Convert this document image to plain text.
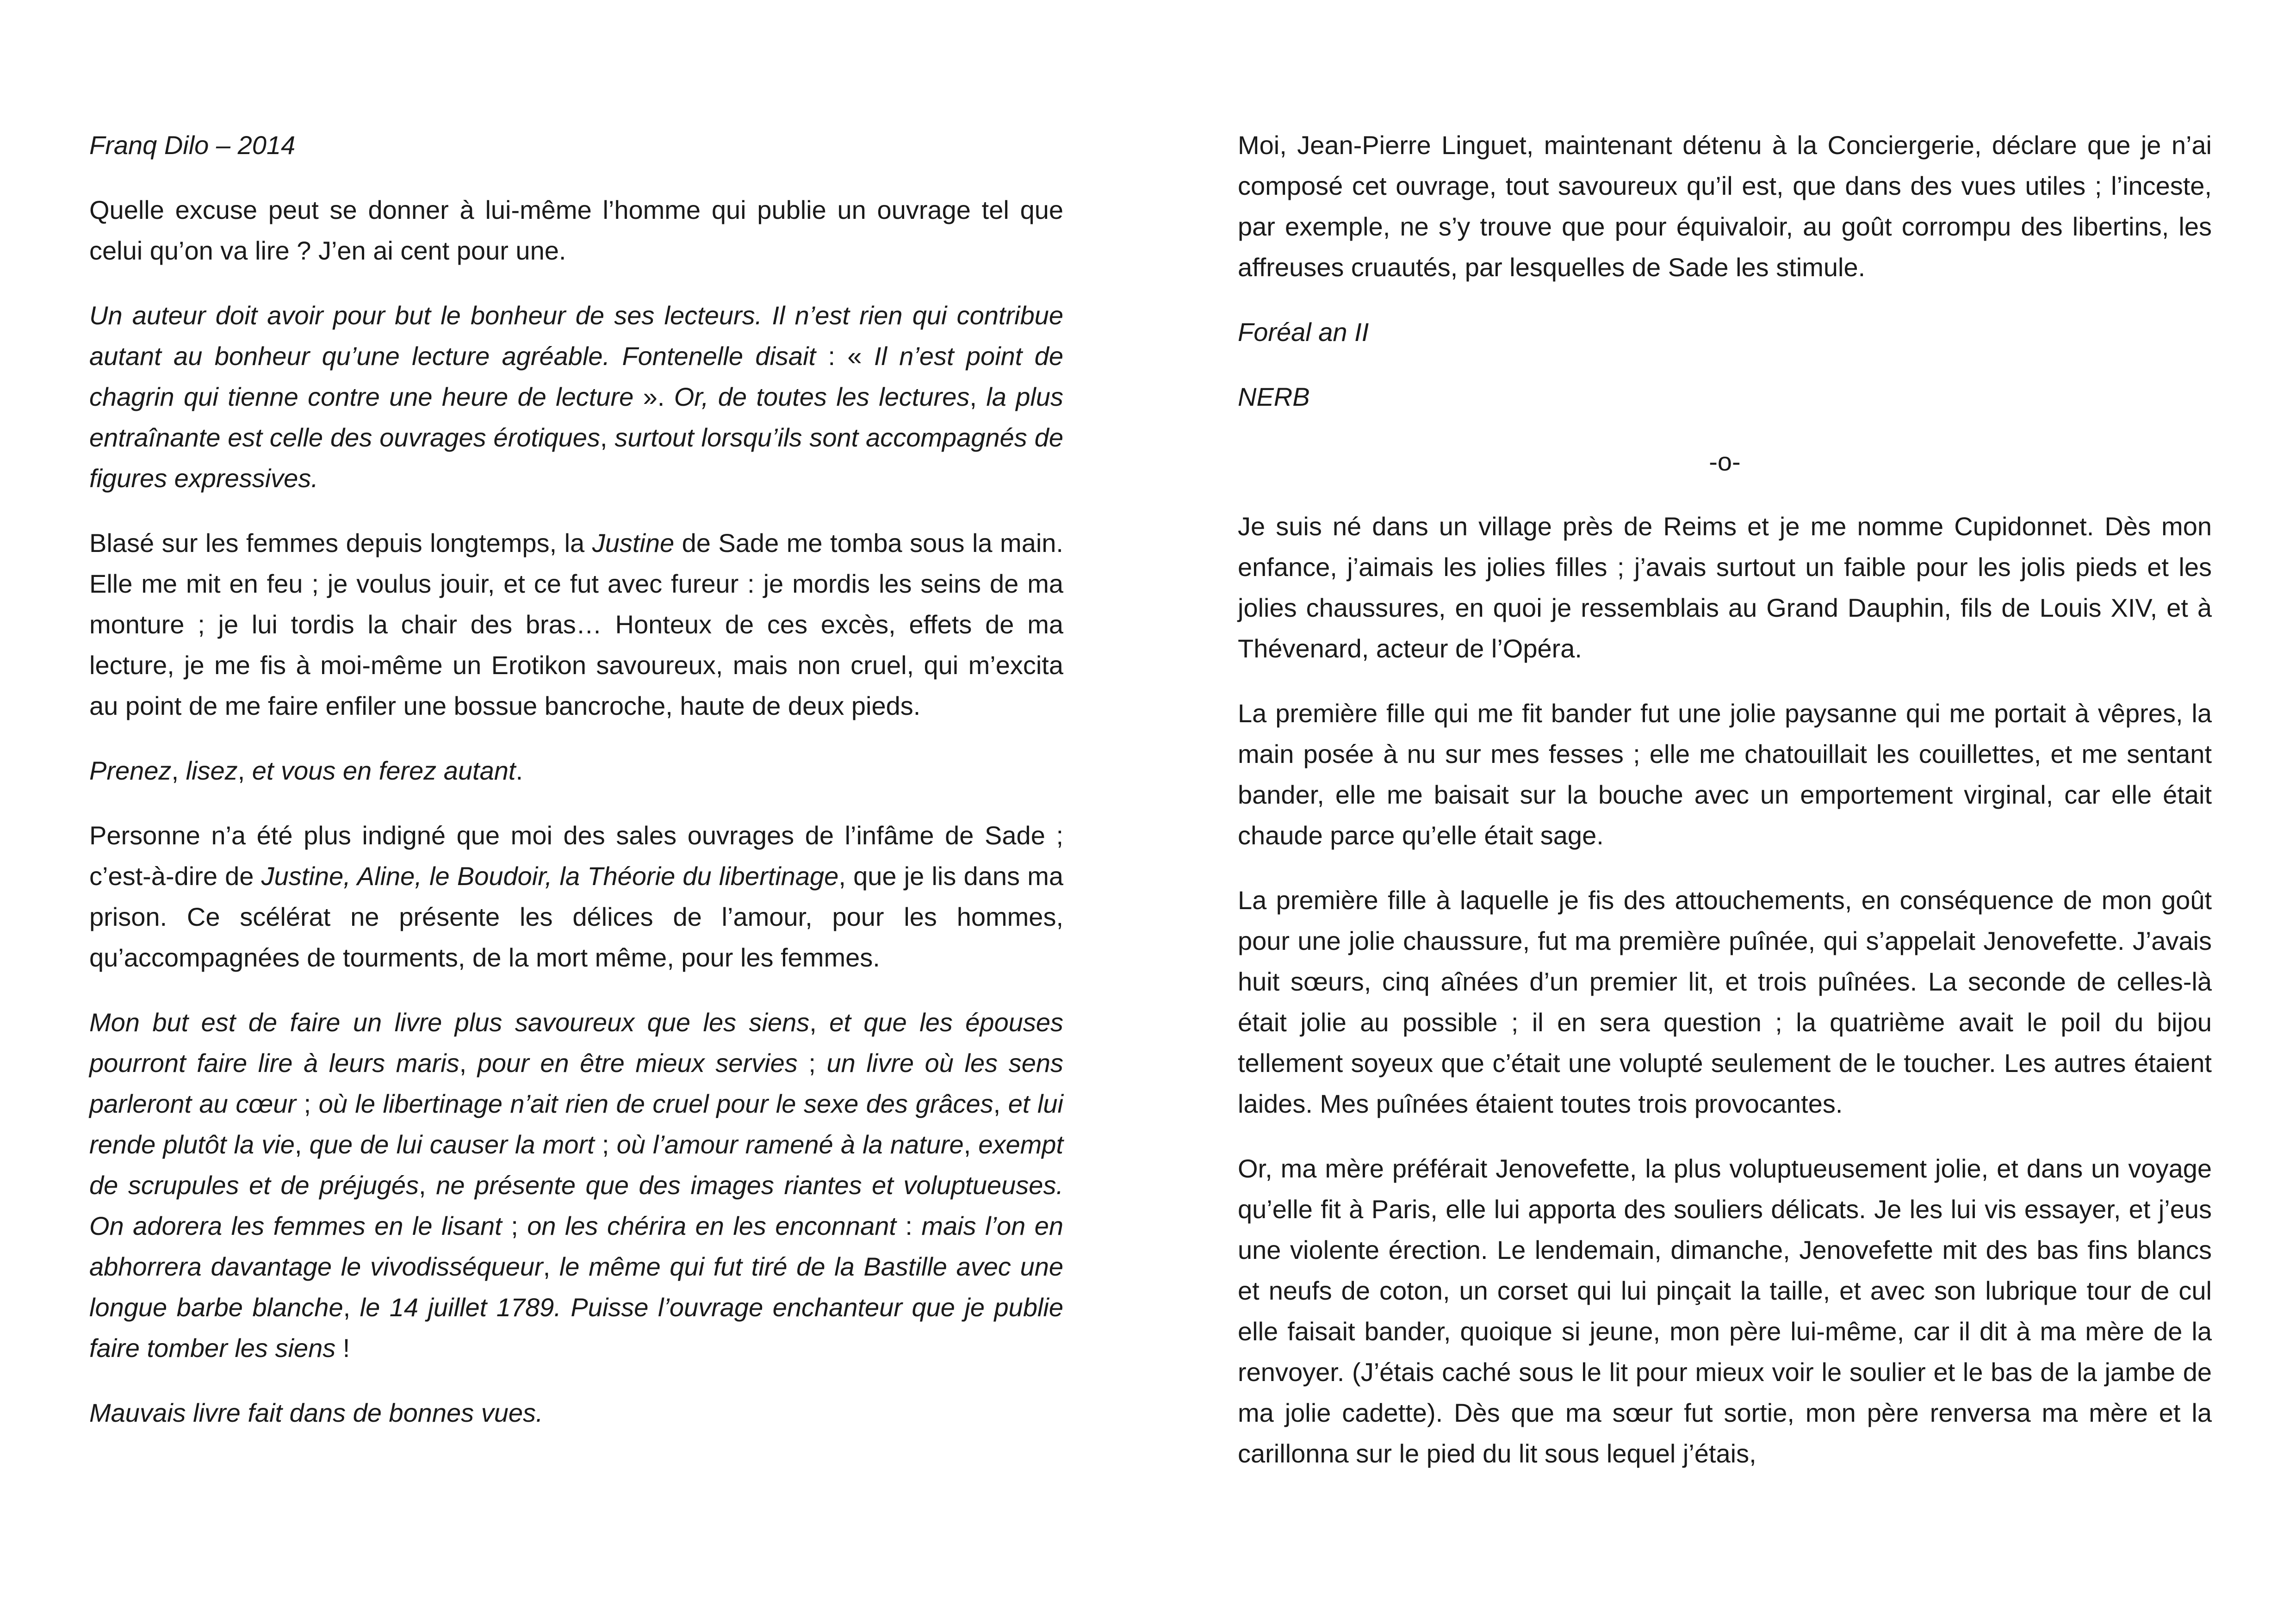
Franq Dilo – 2014

Quelle excuse peut se donner à lui-même l’homme qui publie un ouvrage tel que celui qu’on va lire ? J’en ai cent pour une.

Un auteur doit avoir pour but le bonheur de ses lecteurs. Il n’est rien qui contribue autant au bonheur qu’une lecture agréable. Fontenelle disait : « Il n’est point de chagrin qui tienne contre une heure de lecture ». Or, de toutes les lectures, la plus entraînante est celle des ouvrages érotiques, surtout lorsqu’ils sont accompagnés de figures expressives.

Blasé sur les femmes depuis longtemps, la Justine de Sade me tomba sous la main. Elle me mit en feu ; je voulus jouir, et ce fut avec fureur : je mordis les seins de ma monture ; je lui tordis la chair des bras… Honteux de ces excès, effets de ma lecture, je me fis à moi-même un Erotikon savoureux, mais non cruel, qui m’excita au point de me faire enfiler une bossue bancroche, haute de deux pieds.

Prenez, lisez, et vous en ferez autant.

Personne n’a été plus indigné que moi des sales ouvrages de l’infâme de Sade ; c’est-à-dire de Justine, Aline, le Boudoir, la Théorie du libertinage, que je lis dans ma prison. Ce scélérat ne présente les délices de l’amour, pour les hommes, qu’accompagnées de tourments, de la mort même, pour les femmes.

Mon but est de faire un livre plus savoureux que les siens, et que les épouses pourront faire lire à leurs maris, pour en être mieux servies ; un livre où les sens parleront au cœur ; où le libertinage n’ait rien de cruel pour le sexe des grâces, et lui rende plutôt la vie, que de lui causer la mort ; où l’amour ramené à la nature, exempt de scrupules et de préjugés, ne présente que des images riantes et voluptueuses. On adorera les femmes en le lisant ; on les chérira en les enconnant : mais l’on en abhorrera davantage le vivodisséqueur, le même qui fut tiré de la Bastille avec une longue barbe blanche, le 14 juillet 1789. Puisse l’ouvrage enchanteur que je publie faire tomber les siens !

Mauvais livre fait dans de bonnes vues.

Moi, Jean-Pierre Linguet, maintenant détenu à la Conciergerie, déclare que je n’ai composé cet ouvrage, tout savoureux qu’il est, que dans des vues utiles ; l’inceste, par exemple, ne s’y trouve que pour équivaloir, au goût corrompu des libertins, les affreuses cruautés, par lesquelles de Sade les stimule.

Foréal an II

NERB

-o-

Je suis né dans un village près de Reims et je me nomme Cupidonnet. Dès mon enfance, j’aimais les jolies filles ; j’avais surtout un faible pour les jolis pieds et les jolies chaussures, en quoi je ressemblais au Grand Dauphin, fils de Louis XIV, et à Thévenard, acteur de l’Opéra.

La première fille qui me fit bander fut une jolie paysanne qui me portait à vêpres, la main posée à nu sur mes fesses ; elle me chatouillait les couillettes, et me sentant bander, elle me baisait sur la bouche avec un emportement virginal, car elle était chaude parce qu’elle était sage.

La première fille à laquelle je fis des attouchements, en conséquence de mon goût pour une jolie chaussure, fut ma première puînée, qui s’appelait Jenovefette. J’avais huit sœurs, cinq aînées d’un premier lit, et trois puînées. La seconde de celles-là était jolie au possible ; il en sera question ; la quatrième avait le poil du bijou tellement soyeux que c’était une volupté seulement de le toucher. Les autres étaient laides. Mes puînées étaient toutes trois provocantes.

Or, ma mère préférait Jenovefette, la plus voluptueusement jolie, et dans un voyage qu’elle fit à Paris, elle lui apporta des souliers délicats. Je les lui vis essayer, et j’eus une violente érection. Le lendemain, dimanche, Jenovefette mit des bas fins blancs et neufs de coton, un corset qui lui pinçait la taille, et avec son lubrique tour de cul elle faisait bander, quoique si jeune, mon père lui-même, car il dit à ma mère de la renvoyer. (J’étais caché sous le lit pour mieux voir le soulier et le bas de la jambe de ma jolie cadette). Dès que ma sœur fut sortie, mon père renversa ma mère et la carillonna sur le pied du lit sous lequel j’étais,
